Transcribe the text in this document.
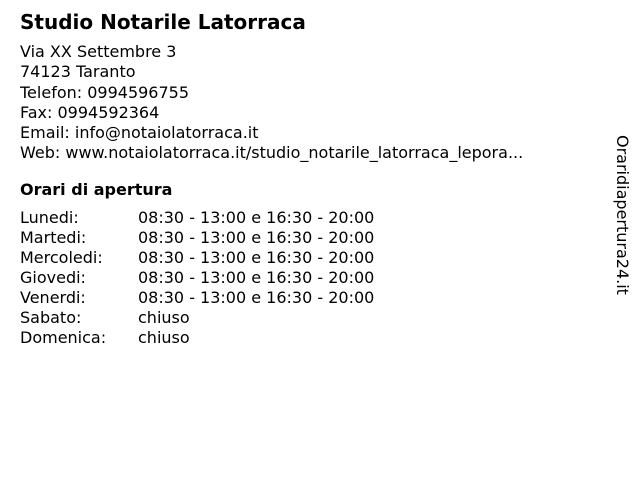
Studio Notarile Latorraca
Via XX Settembre 3
74123 Taranto
Telefon: 0994596755
Fax: 0994592364
Email: info@notaiolatorraca.it
Web: www.notaiolatorraca.it/studio_notarile_latorraca_lepora...
Orari di apertura
Lunedi:	08:30 - 13:00 e 16:30 - 20:00
Martedi:	08:30 - 13:00 e 16:30 - 20:00
Mercoledi:	08:30 - 13:00 e 16:30 - 20:00
Giovedi:	08:30 - 13:00 e 16:30 - 20:00
Venerdi:	08:30 - 13:00 e 16:30 - 20:00
Sabato:	chiuso
Domenica:	chiuso
Oraridiapertura24.it
